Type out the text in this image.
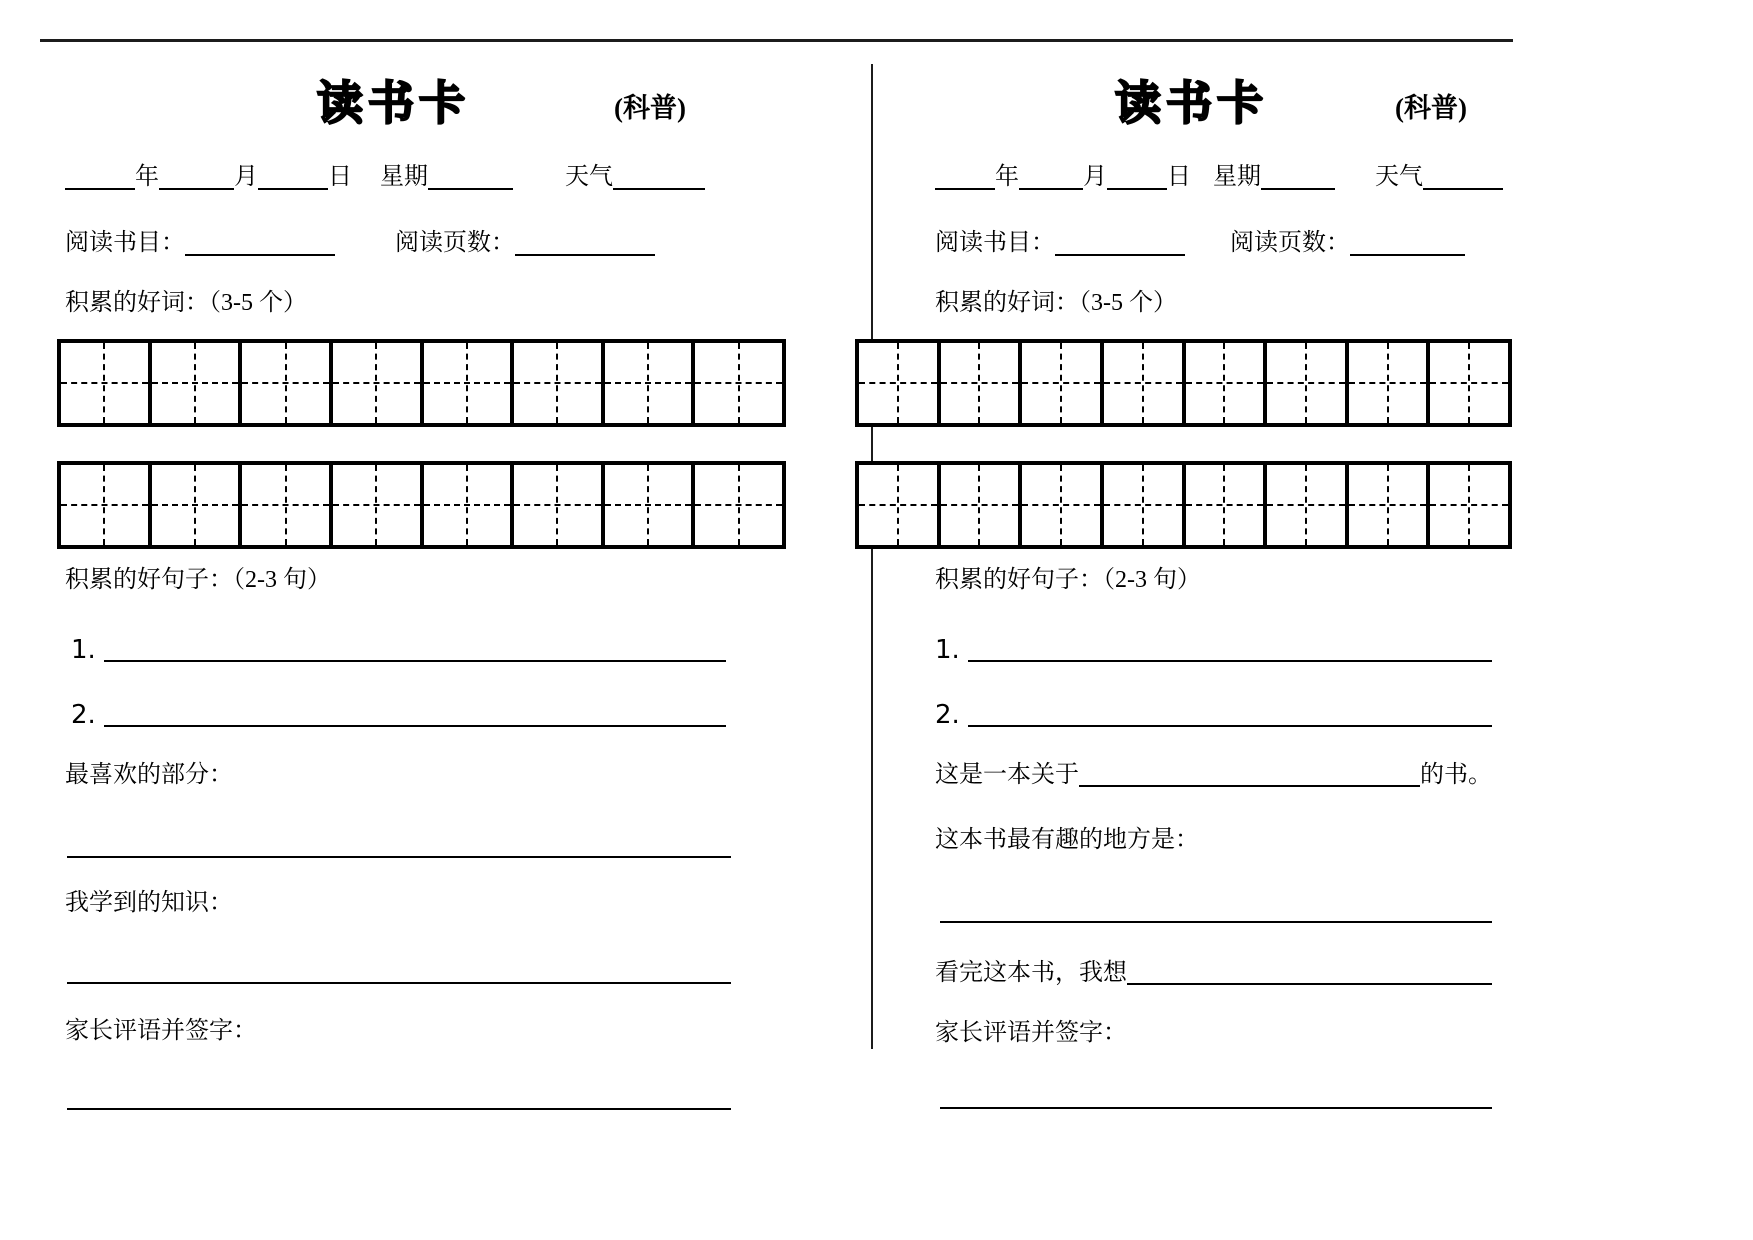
读书卡	(科普)
年	月	日 星期	天气
阅读书目：	阅读页数：
积累的好词：（3-5 个）
积累的好句子：（2-3 句）
1.
2.
最喜欢的部分：
我学到的知识：
家长评语并签字：
读书卡	(科普)
年	月	日 星期	天气
阅读书目：	阅读页数：
积累的好词：（3-5 个）
积累的好句子：（2-3 句）
1.
2.
这是一本关于	的书。
这本书最有趣的地方是：
看完这本书，我想
家长评语并签字：
